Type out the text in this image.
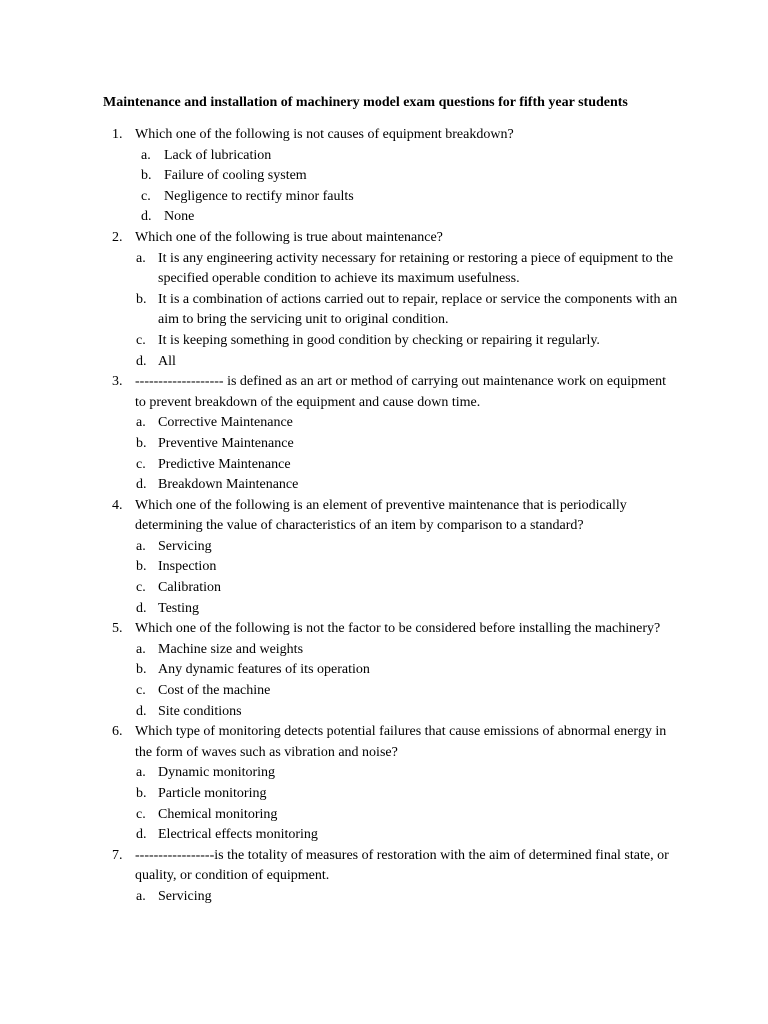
Maintenance and installation of machinery model exam questions for fifth year students
1. Which one of the following is not causes of equipment breakdown?
a. Lack of lubrication
b. Failure of cooling system
c. Negligence to rectify minor faults
d. None
2. Which one of the following is true about maintenance?
a. It is any engineering activity necessary for retaining or restoring a piece of equipment to the specified operable condition to achieve its maximum usefulness.
b. It is a combination of actions carried out to repair, replace or service the components with an aim to bring the servicing unit to original condition.
c. It is keeping something in good condition by checking or repairing it regularly.
d. All
3. ------------------- is defined as an art or method of carrying out maintenance work on equipment to prevent breakdown of the equipment and cause down time.
a. Corrective Maintenance
b. Preventive Maintenance
c. Predictive Maintenance
d. Breakdown Maintenance
4. Which one of the following is an element of preventive maintenance that is periodically determining the value of characteristics of an item by comparison to a standard?
a. Servicing
b. Inspection
c. Calibration
d. Testing
5. Which one of the following is not the factor to be considered before installing the machinery?
a. Machine size and weights
b. Any dynamic features of its operation
c. Cost of the machine
d. Site conditions
6. Which type of monitoring detects potential failures that cause emissions of abnormal energy in the form of waves such as vibration and noise?
a. Dynamic monitoring
b. Particle monitoring
c. Chemical monitoring
d. Electrical effects monitoring
7. -----------------is the totality of measures of restoration with the aim of determined final state, or quality, or condition of equipment.
a. Servicing
